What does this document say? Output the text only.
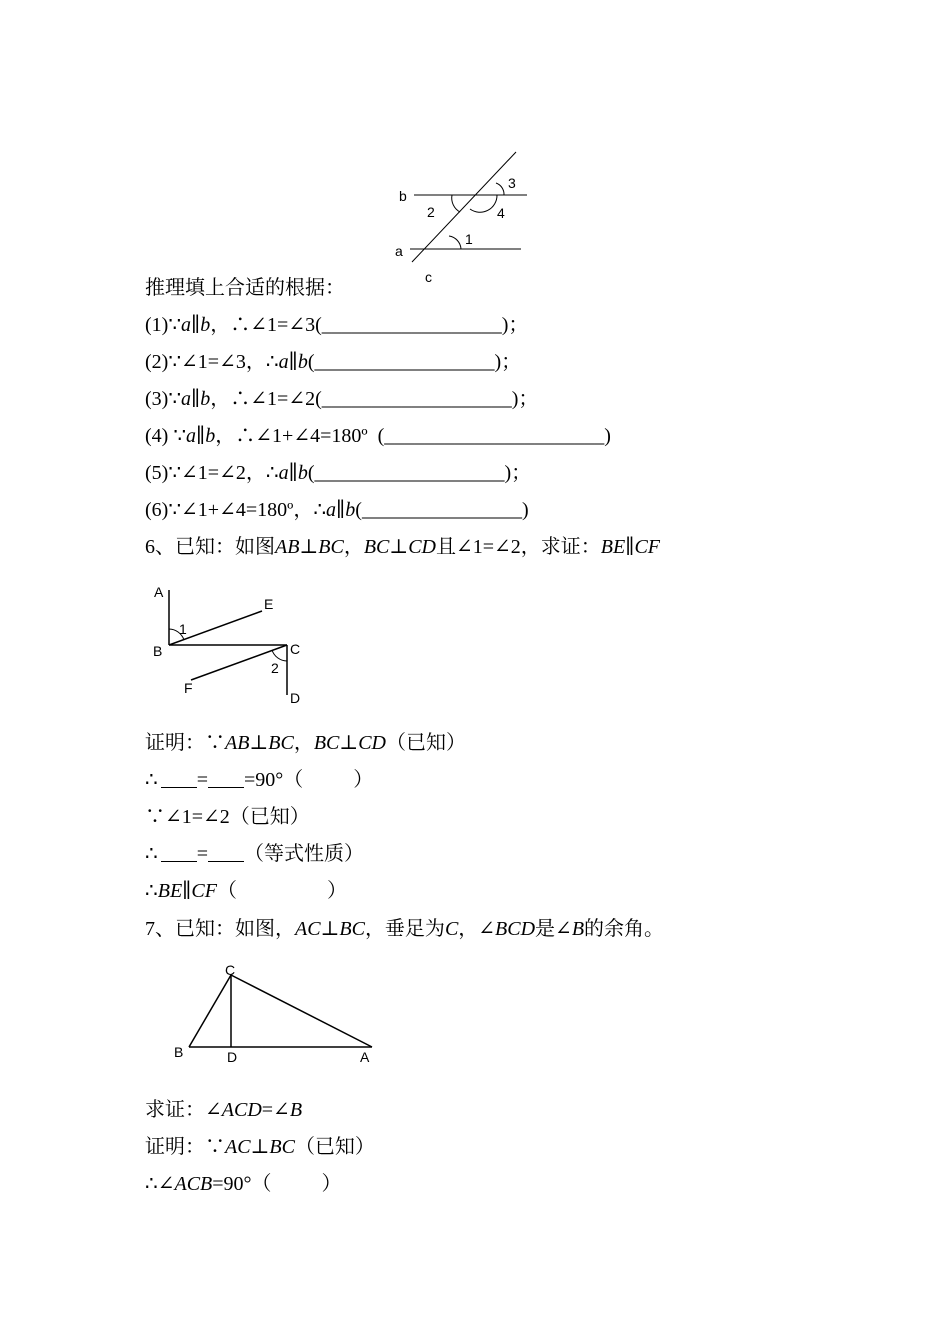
b
a
c
1
2
3
4
推理填上合适的根据：
(1)∵a∥b，∴∠1=∠3(__________________)；
(2)∵∠1=∠3，∴a∥b(__________________)；
(3)∵a∥b，∴∠1=∠2(___________________)；
(4) ∵a∥b，∴∠1+∠4=180º  (______________________)
(5)∵∠1=∠2，∴a∥b(___________________)；
(6)∵∠1+∠4=180º，∴a∥b(________________)
6、已知：如图AB⊥BC，BC⊥CD且∠1=∠2，求证：BE∥CF
A
E
1
B	C
2
F
D
证明：∵AB⊥BC，BC⊥CD（已知）
∴ = =90°（          ）
∵∠1=∠2（已知）
∴ = （等式性质）
∴BE∥CF（                  ）
7、已知：如图，AC⊥BC，垂足为C，∠BCD是∠B的余角。
C
B	D	A
求证：∠ACD=∠B
证明：∵AC⊥BC（已知）
∴∠ACB=90°（          ）
